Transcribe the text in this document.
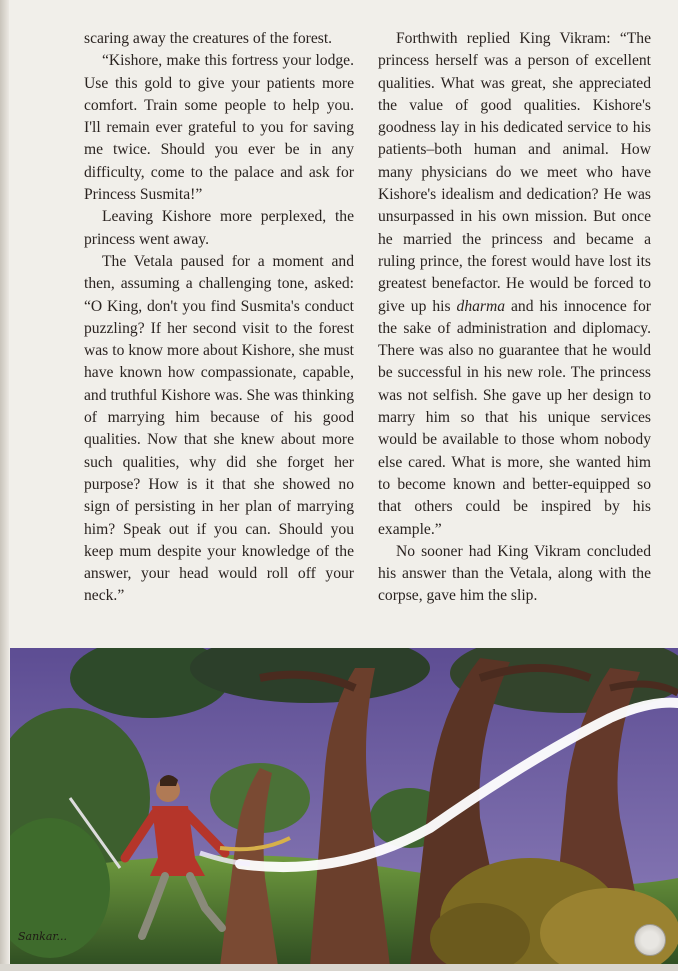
scaring away the creatures of the forest.

“Kishore, make this fortress your lodge. Use this gold to give your patients more comfort. Train some people to help you. I'll remain ever grateful to you for saving me twice. Should you ever be in any difficulty, come to the palace and ask for Princess Susmita!”

Leaving Kishore more perplexed, the princess went away.

The Vetala paused for a moment and then, assuming a challenging tone, asked: “O King, don't you find Susmita's conduct puzzling? If her second visit to the forest was to know more about Kishore, she must have known how compassionate, capable, and truthful Kishore was. She was thinking of marrying him because of his good qualities. Now that she knew about more such qualities, why did she forget her purpose? How is it that she showed no sign of persisting in her plan of marrying him? Speak out if you can. Should you keep mum despite your knowledge of the answer, your head would roll off your neck.”

Forthwith replied King Vikram: “The princess herself was a person of excellent qualities. What was great, she appreciated the value of good qualities. Kishore's goodness lay in his dedicated service to his patients–both human and animal. How many physicians do we meet who have Kishore's idealism and dedication? He was unsurpassed in his own mission. But once he married the princess and became a ruling prince, the forest would have lost its greatest benefactor. He would be forced to give up his dharma and his innocence for the sake of administration and diplomacy. There was also no guarantee that he would be successful in his new role. The princess was not selfish. She gave up her design to marry him so that his unique services would be available to those whom nobody else cared. What is more, she wanted him to become known and better-equipped so that others could be inspired by his example.”

No sooner had King Vikram concluded his answer than the Vetala, along with the corpse, gave him the slip.

Sankar...
